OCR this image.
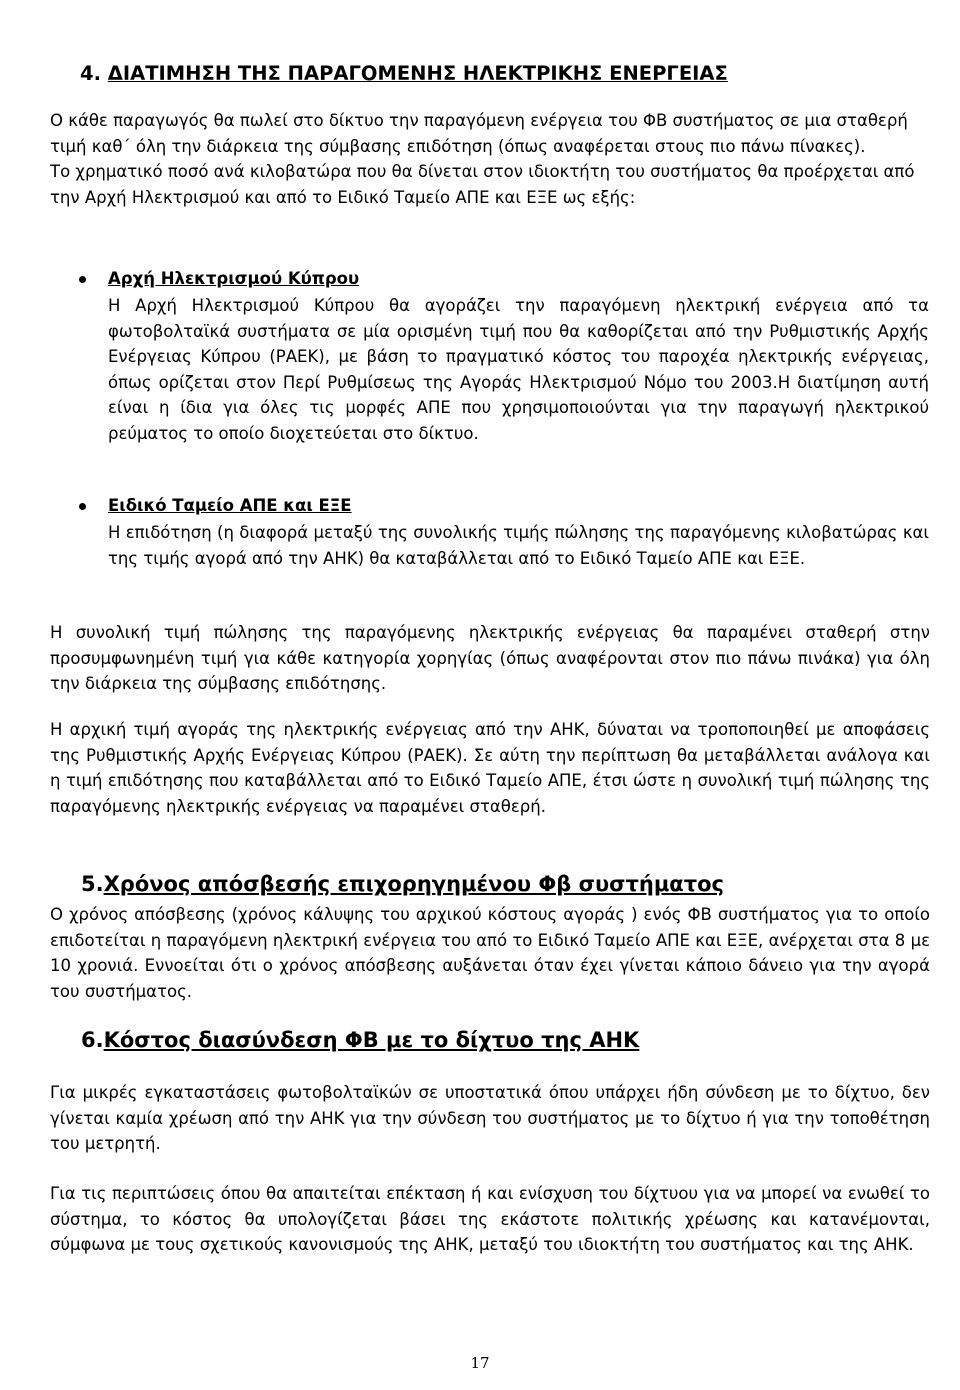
4. ΔΙΑΤΙΜΗΣΗ ΤΗΣ ΠΑΡΑΓΟΜΕΝΗΣ ΗΛΕΚΤΡΙΚΗΣ ΕΝΕΡΓΕΙΑΣ
Ο κάθε παραγωγός θα πωλεί στο δίκτυο την παραγόμενη ενέργεια του ΦΒ συστήματος σε μια σταθερή τιμή καθ΄ όλη την διάρκεια της σύμβασης επιδότηση (όπως αναφέρεται στους πιο πάνω πίνακες).
Το χρηματικό ποσό ανά κιλοβατώρα που θα δίνεται στον ιδιοκτήτη του συστήματος θα προέρχεται από την Αρχή Ηλεκτρισμού και από το Ειδικό Ταμείο ΑΠΕ και ΕΞΕ ως εξής:
Αρχή Ηλεκτρισμού Κύπρου
Η Αρχή Ηλεκτρισμού Κύπρου θα αγοράζει την παραγόμενη ηλεκτρική ενέργεια από τα φωτοβολταϊκά συστήματα σε μία ορισμένη τιμή που θα καθορίζεται από την Ρυθμιστικής Αρχής Ενέργειας Κύπρου (ΡΑΕΚ), με βάση το πραγματικό κόστος του παροχέα ηλεκτρικής ενέργειας, όπως ορίζεται στον Περί Ρυθμίσεως της Αγοράς Ηλεκτρισμού Νόμο του 2003.Η διατίμηση αυτή είναι η ίδια για όλες τις μορφές ΑΠΕ που χρησιμοποιούνται για την παραγωγή ηλεκτρικού ρεύματος το οποίο διοχετεύεται στο δίκτυο.
Ειδικό Ταμείο ΑΠΕ και ΕΞΕ
Η επιδότηση (η διαφορά μεταξύ της συνολικής τιμής πώλησης της παραγόμενης κιλοβατώρας και της τιμής αγορά από την ΑΗΚ) θα καταβάλλεται από το Ειδικό Ταμείο ΑΠΕ και ΕΞΕ.
Η συνολική τιμή πώλησης της παραγόμενης ηλεκτρικής ενέργειας θα παραμένει σταθερή στην προσυμφωνημένη τιμή για κάθε κατηγορία χορηγίας (όπως αναφέρονται στον πιο πάνω πινάκα) για όλη την διάρκεια της σύμβασης επιδότησης.
Η αρχική τιμή αγοράς της ηλεκτρικής ενέργειας από την ΑΗΚ, δύναται να τροποποιηθεί με αποφάσεις της Ρυθμιστικής Αρχής Ενέργειας Κύπρου (ΡΑΕΚ). Σε αύτη την περίπτωση θα μεταβάλλεται ανάλογα και η τιμή επιδότησης που καταβάλλεται από το Ειδικό Ταμείο ΑΠΕ, έτσι ώστε η συνολική τιμή πώλησης της παραγόμενης ηλεκτρικής ενέργειας να παραμένει σταθερή.
5.Χρόνος απόσβεσής επιχορηγημένου Φβ συστήματος
Ο χρόνος απόσβεσης (χρόνος κάλυψης του αρχικού κόστους αγοράς ) ενός ΦΒ συστήματος για το οποίο επιδοτείται η παραγόμενη ηλεκτρική ενέργεια του από το Ειδικό Ταμείο ΑΠΕ και ΕΞΕ, ανέρχεται στα 8 με 10 χρονιά. Εννοείται ότι ο χρόνος απόσβεσης αυξάνεται όταν έχει γίνεται κάποιο δάνειο για την αγορά του συστήματος.
6.Κόστος διασύνδεση ΦΒ με το δίχτυο της ΑΗΚ
Για μικρές εγκαταστάσεις φωτοβολταϊκών σε υποστατικά όπου υπάρχει ήδη σύνδεση με το δίχτυο, δεν γίνεται καμία χρέωση από την ΑΗΚ για την σύνδεση του συστήματος με το δίχτυο ή για την τοποθέτηση του μετρητή.
Για τις περιπτώσεις όπου θα απαιτείται επέκταση ή και ενίσχυση του δίχτυου για να μπορεί να ενωθεί το σύστημα, το κόστος θα υπολογίζεται βάσει της εκάστοτε πολιτικής χρέωσης και κατανέμονται, σύμφωνα με τους σχετικούς κανονισμούς της ΑΗΚ, μεταξύ του ιδιοκτήτη του συστήματος και της ΑΗΚ.
17
